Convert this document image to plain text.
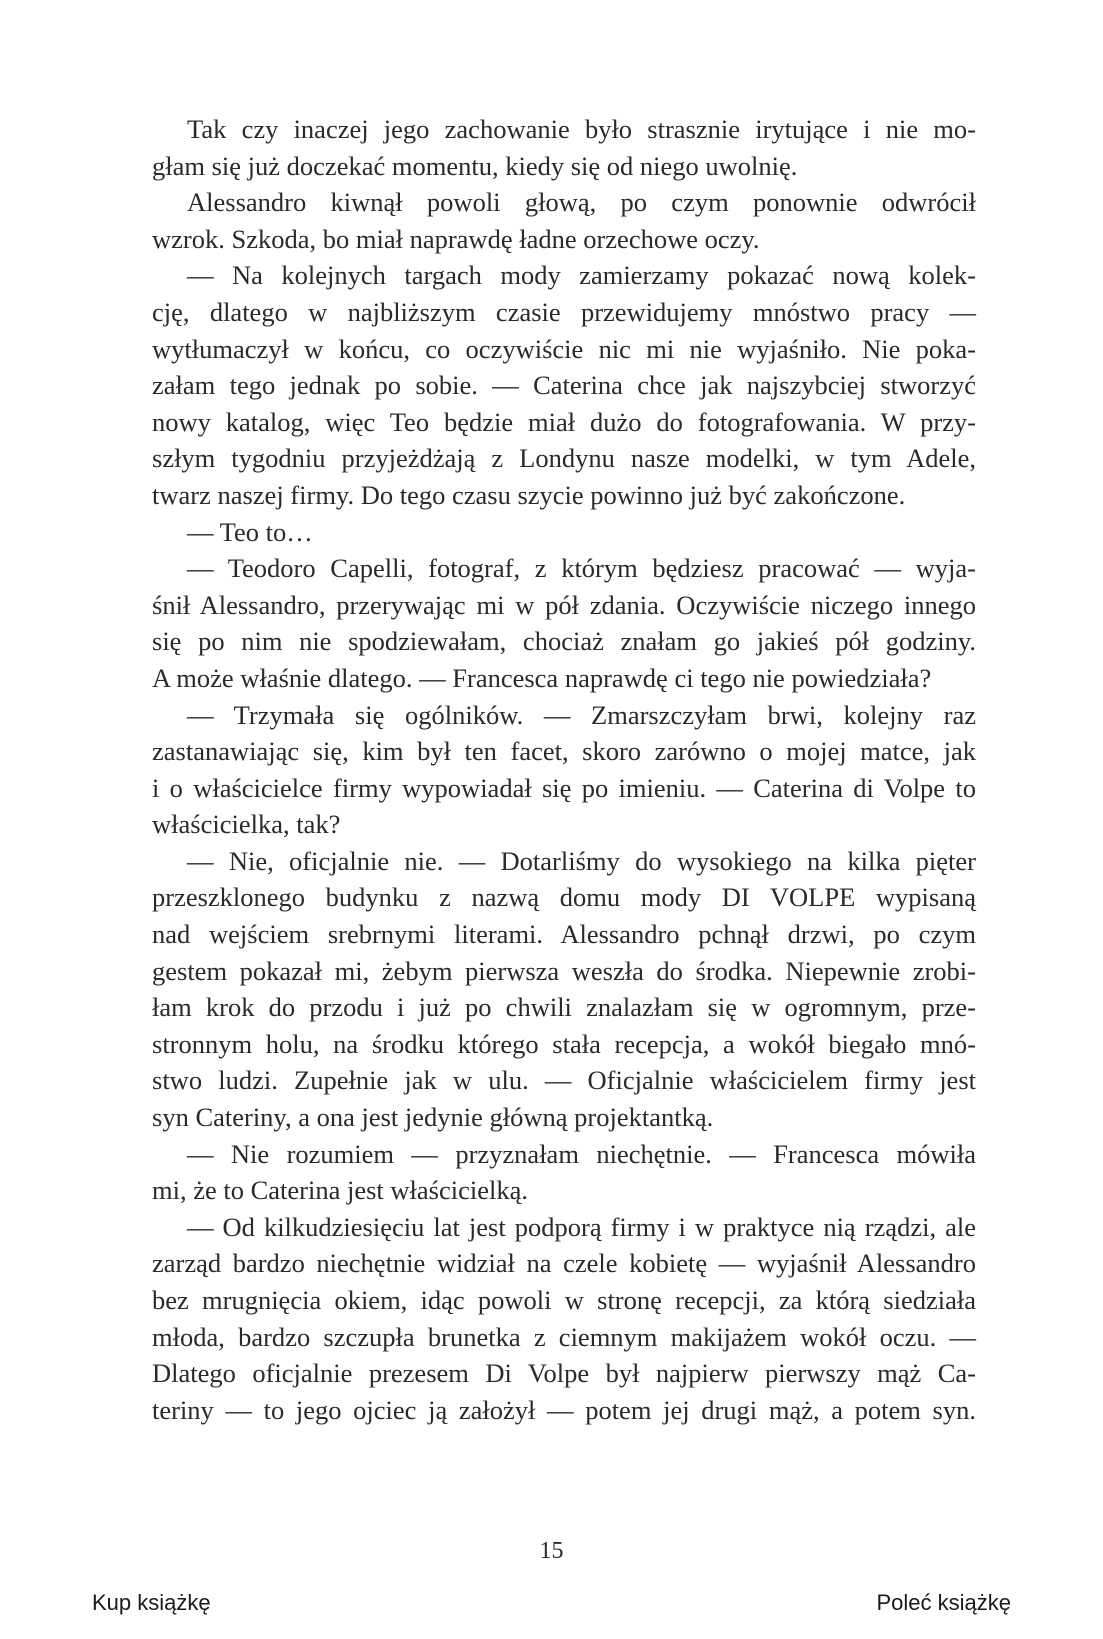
Tak czy inaczej jego zachowanie było strasznie irytujące i nie mo-
głam się już doczekać momentu, kiedy się od niego uwolnię.
Alessandro kiwnął powoli głową, po czym ponownie odwrócił
wzrok. Szkoda, bo miał naprawdę ładne orzechowe oczy.
— Na kolejnych targach mody zamierzamy pokazać nową kolek-
cję, dlatego w najbliższym czasie przewidujemy mnóstwo pracy —
wytłumaczył w końcu, co oczywiście nic mi nie wyjaśniło. Nie poka-
załam tego jednak po sobie. — Caterina chce jak najszybciej stworzyć
nowy katalog, więc Teo będzie miał dużo do fotografowania. W przy-
szłym tygodniu przyjeżdżają z Londynu nasze modelki, w tym Adele,
twarz naszej firmy. Do tego czasu szycie powinno już być zakończone.
— Teo to…
— Teodoro Capelli, fotograf, z którym będziesz pracować — wyja-
śnił Alessandro, przerywając mi w pół zdania. Oczywiście niczego innego
się po nim nie spodziewałam, chociaż znałam go jakieś pół godziny.
A może właśnie dlatego. — Francesca naprawdę ci tego nie powiedziała?
— Trzymała się ogólników. — Zmarszczyłam brwi, kolejny raz
zastanawiając się, kim był ten facet, skoro zarówno o mojej matce, jak
i o właścicielce firmy wypowiadał się po imieniu. — Caterina di Volpe to
właścicielka, tak?
— Nie, oficjalnie nie. — Dotarliśmy do wysokiego na kilka pięter
przeszklonego budynku z nazwą domu mody DI VOLPE wypisaną
nad wejściem srebrnymi literami. Alessandro pchnął drzwi, po czym
gestem pokazał mi, żebym pierwsza weszła do środka. Niepewnie zrobi-
łam krok do przodu i już po chwili znalazłam się w ogromnym, prze-
stronnym holu, na środku którego stała recepcja, a wokół biegało mnó-
stwo ludzi. Zupełnie jak w ulu. — Oficjalnie właścicielem firmy jest
syn Cateriny, a ona jest jedynie główną projektantką.
— Nie rozumiem — przyznałam niechętnie. — Francesca mówiła
mi, że to Caterina jest właścicielką.
— Od kilkudziesięciu lat jest podporą firmy i w praktyce nią rządzi, ale
zarząd bardzo niechętnie widział na czele kobietę — wyjaśnił Alessandro
bez mrugnięcia okiem, idąc powoli w stronę recepcji, za którą siedziała
młoda, bardzo szczupła brunetka z ciemnym makijażem wokół oczu. —
Dlatego oficjalnie prezesem Di Volpe był najpierw pierwszy mąż Ca-
teriny — to jego ojciec ją założył — potem jej drugi mąż, a potem syn.
15
Kup książkę	Poleć książkę
